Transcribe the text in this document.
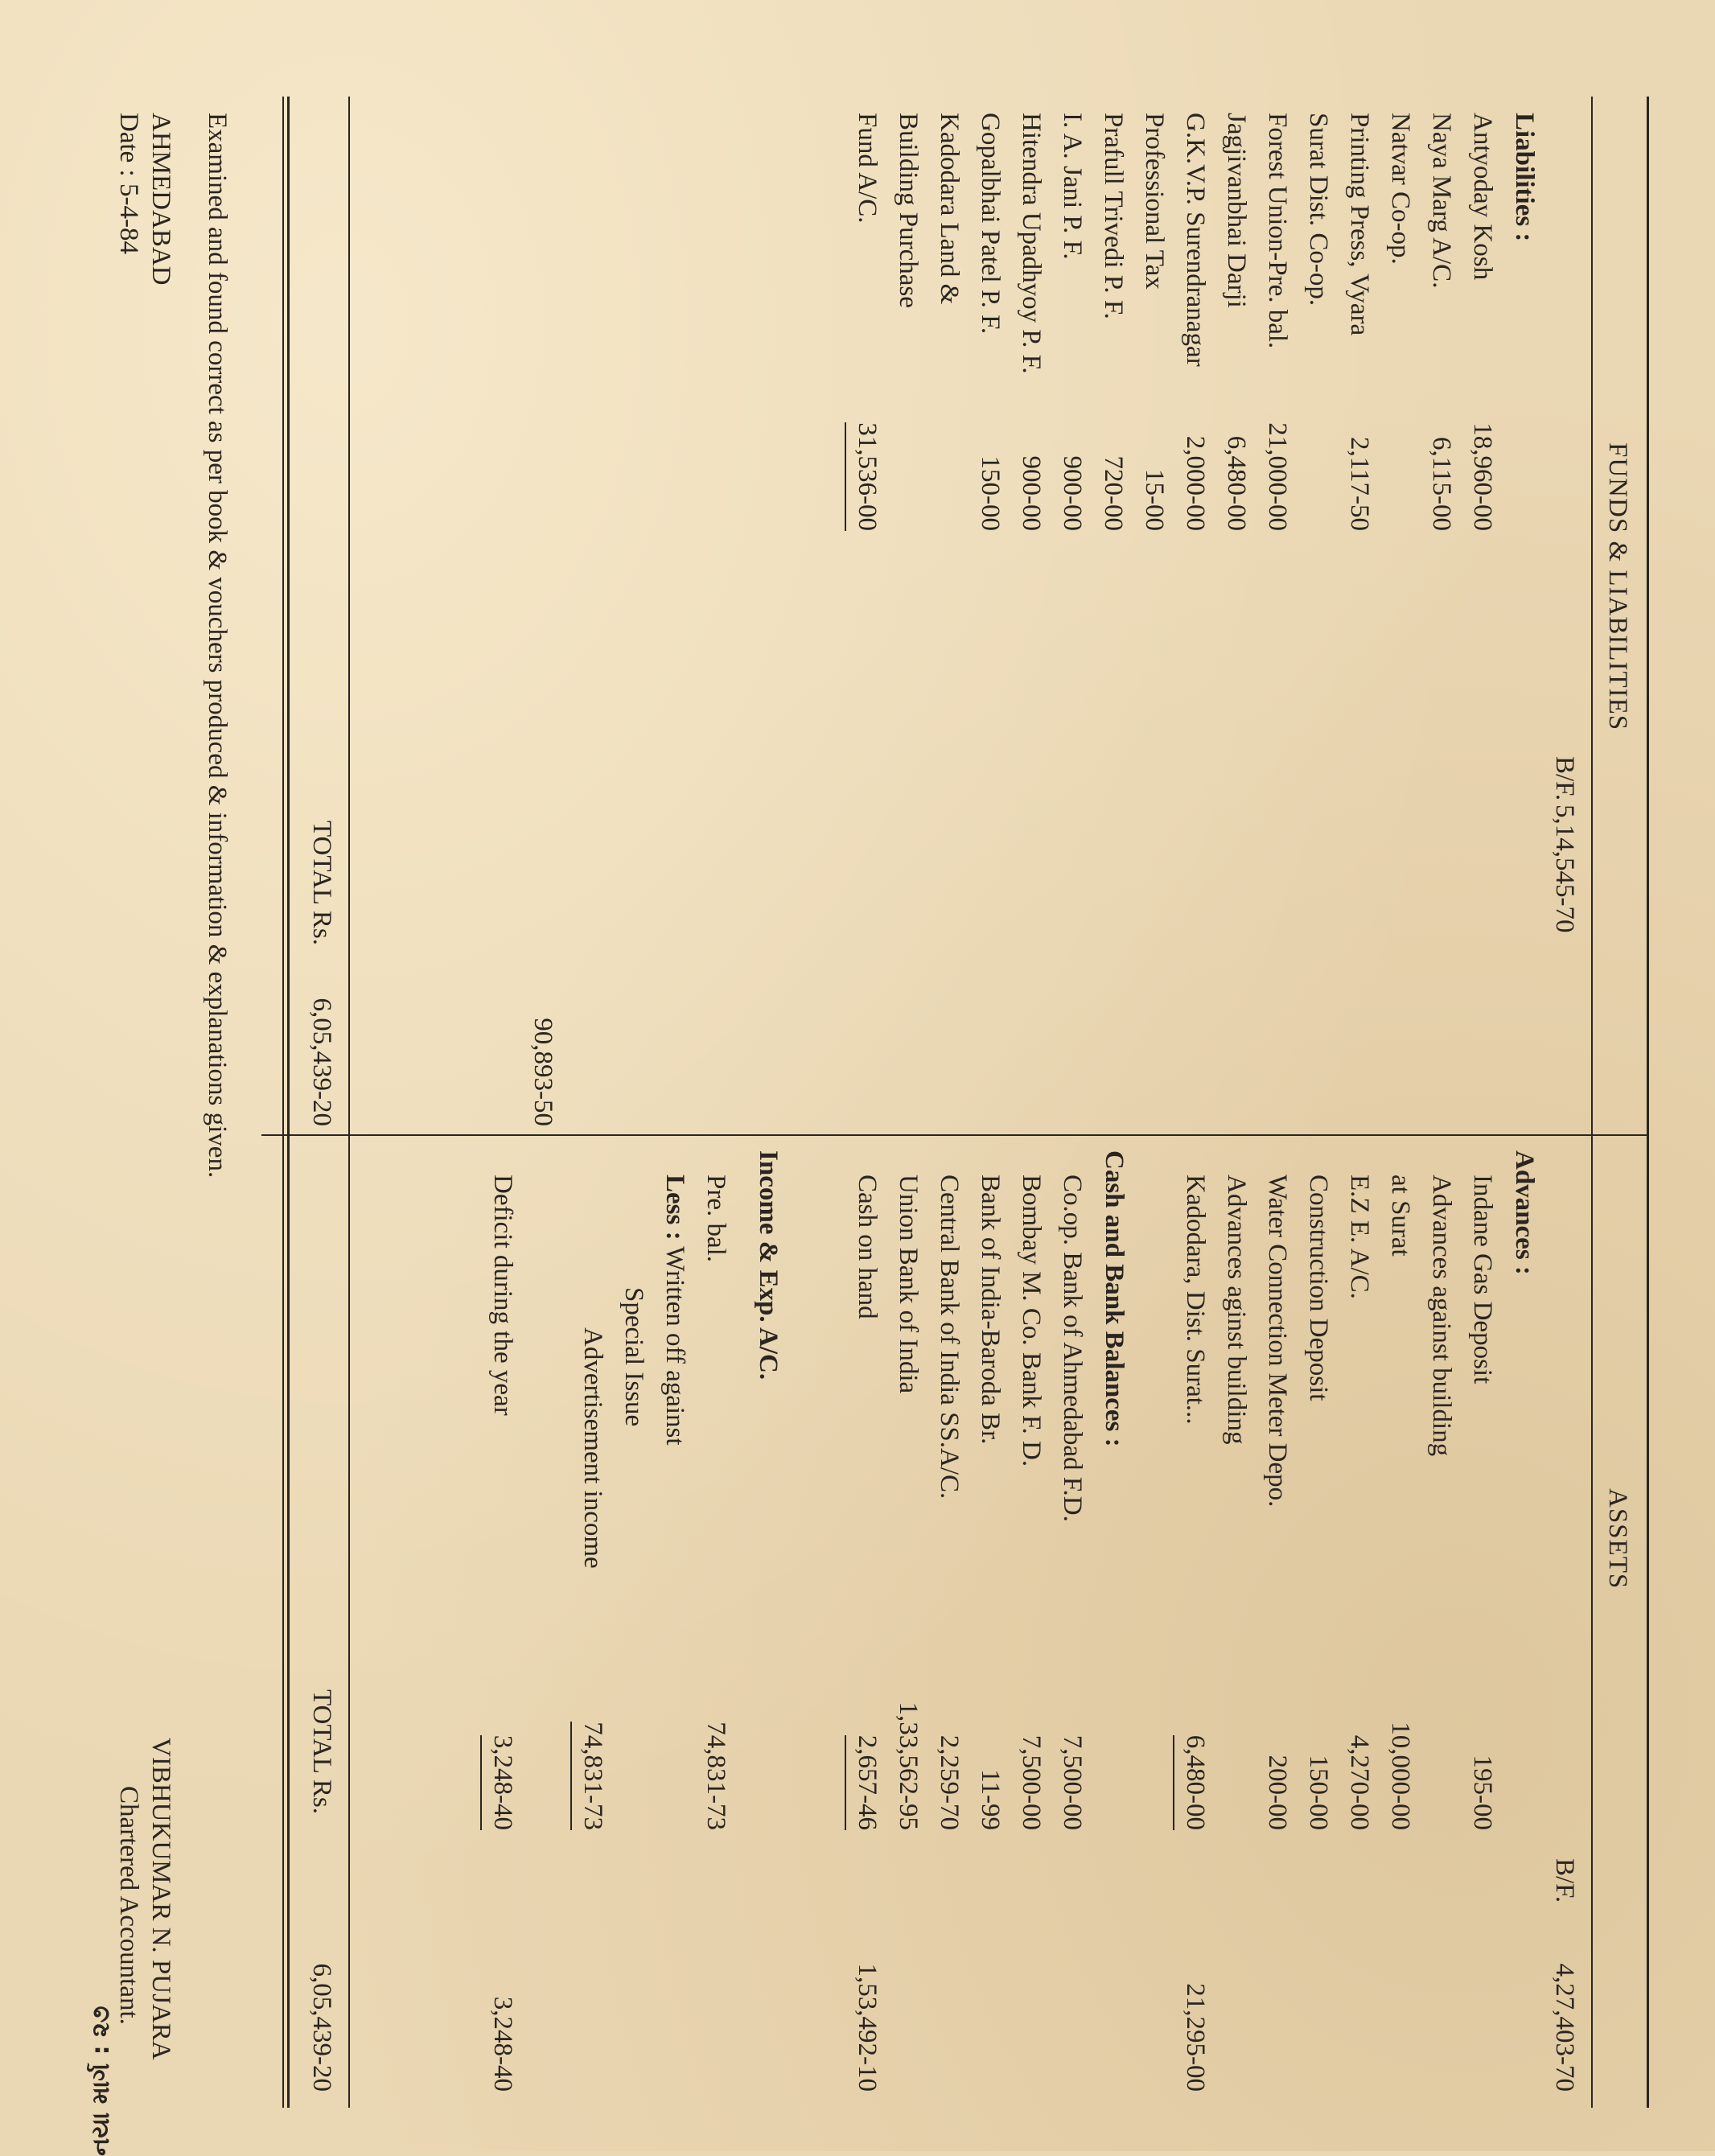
નયા માર્ગ : ૨૭
FUNDS & LIABILITIES
ASSETS
B/F.
5,14,545-70
Liabilities :
Antyoday Kosh
18,960-00
Naya Marg A/C.
6,115-00
Natvar Co-op.
Printing Press, Vyara
2,117-50
Surat Dist. Co-op.
Forest Union-Pre. bal.
21,000-00
Jagjivanbhai Darji
6,480-00
G.K.V.P. Surendranagar
2,000-00
Professional Tax
15-00
Prafull Trivedi P. F.
720-00
I. A. Jani P. F.
900-00
Hitendra Upadhyoy P. F.
900-00
Gopalbhai Patel P. F.
150-00
Kadodara Land &
Building Purchase
Fund A/C.
31,536-00
90,893-50
B/F.
4,27,403-70
Advances :
Indane Gas Deposit
195-00
Advances against building
at Surat
10,000-00
E.Z E. A/C.
4,270-00
Construction Deposit
150-00
Water Connection Meter Depo.
200-00
Advances aginst building
Kadodara, Dist. Surat...
6,480-00
21,295-00
Cash and Bank Balances :
Co.op. Bank of Ahmedabad F.D.
7,500-00
Bombay M. Co. Bank F. D.
7,500-00
Bank of India-Baroda Br.
11-99
Central Bank of India SS.A/C.
2,259-70
Union Bank of India
1,33,562-95
Cash on hand
2,657-46
1,53,492-10
Income & Exp. A/C.
Pre. bal.
74,831-73
Less : Written off against
Special Issue
Advertisement income
74,831-73
Deficit during the year
3,248-40
3,248-40
TOTAL Rs.
6,05,439-20
TOTAL Rs.
6,05,439-20
Examined and found correct as per book & vouchers produced & information & explanations given.
AHMEDABAD
Date : 5-4-84
VIBHUKUMAR N. PUJARA
Chartered Accountant.
